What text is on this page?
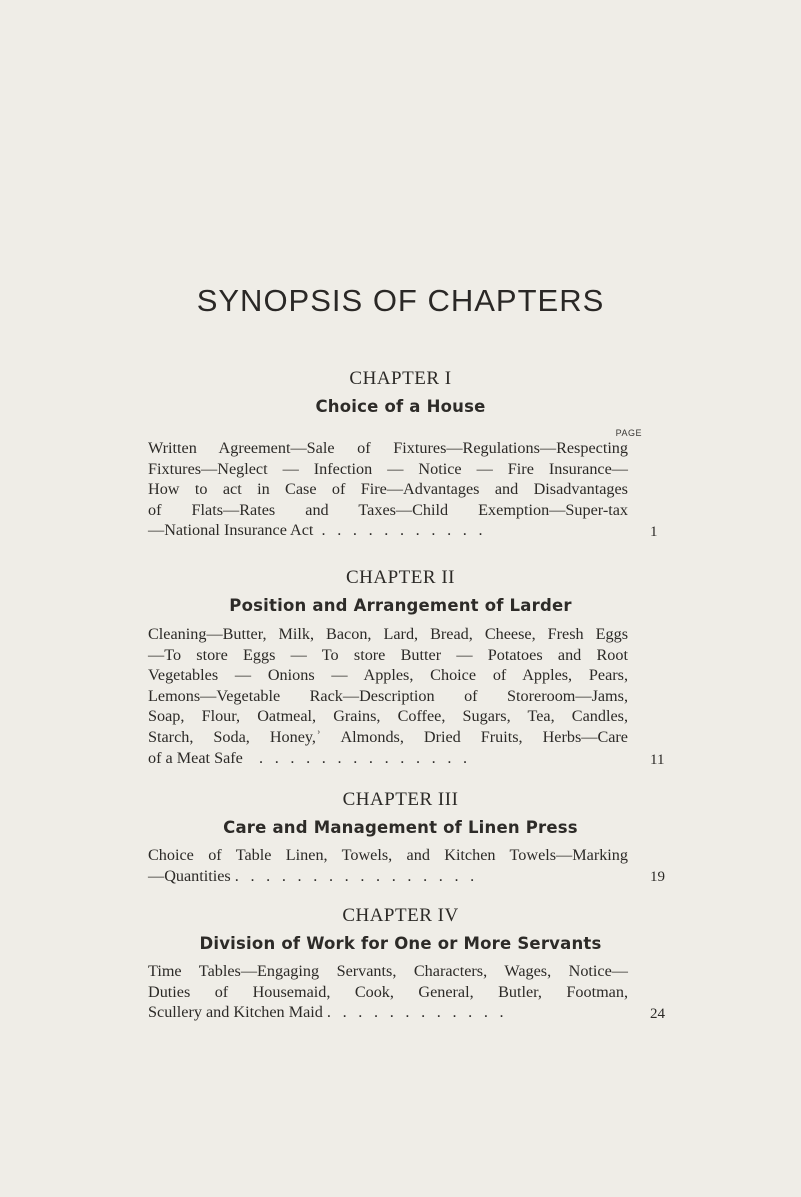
SYNOPSIS OF CHAPTERS
CHAPTER I
Choice of a House
PAGE
Written Agreement—Sale of Fixtures—Regulations—Respecting
Fixtures—Neglect — Infection — Notice — Fire Insurance—
How to act in Case of Fire—Advantages and Disadvantages
of Flats—Rates and Taxes—Child Exemption—Super-tax
—National Insurance Act . . . . . . . . . . .	1
CHAPTER II
Position and Arrangement of Larder
Cleaning—Butter, Milk, Bacon, Lard, Bread, Cheese, Fresh Eggs
—To store Eggs — To store Butter — Potatoes and Root
Vegetables — Onions — Apples, Choice of Apples, Pears,
Lemons—Vegetable Rack—Description of Storeroom—Jams,
Soap, Flour, Oatmeal, Grains, Coffee, Sugars, Tea, Candles,
Starch, Soda, Honey,ʾ Almonds, Dried Fruits, Herbs—Care
of a Meat Safe . . . . . . . . . . . . . .	11
CHAPTER III
Care and Management of Linen Press
Choice of Table Linen, Towels, and Kitchen Towels—Marking
—Quantities . . . . . . . . . . . . . . . .	19
CHAPTER IV
Division of Work for One or More Servants
Time Tables—Engaging Servants, Characters, Wages, Notice—
Duties of Housemaid, Cook, General, Butler, Footman,
Scullery and Kitchen Maid . . . . . . . . . . . .	24
